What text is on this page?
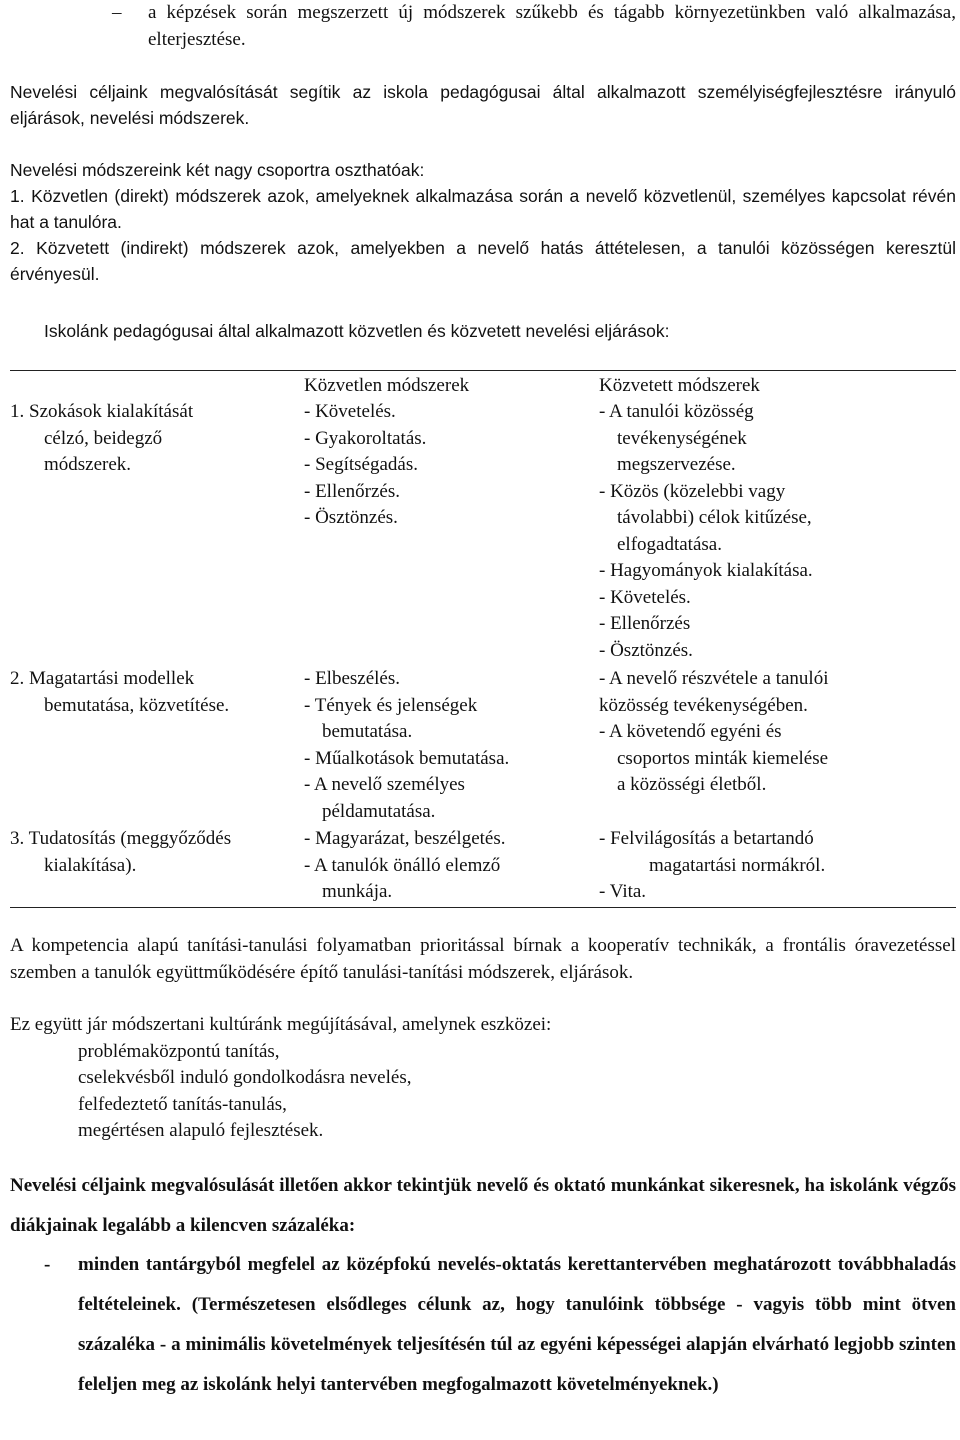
– a képzések során megszerzett új módszerek szűkebb és tágabb környezetünkben való alkalmazása, elterjesztése.
Nevelési céljaink megvalósítását segítik az iskola pedagógusai által alkalmazott személyiségfejlesztésre irányuló eljárások, nevelési módszerek.

Nevelési módszereink két nagy csoportra oszthatóak:

1. Közvetlen (direkt) módszerek azok, amelyeknek alkalmazása során a nevelő közvetlenül, személyes kapcsolat révén hat a tanulóra.
2. Közvetett (indirekt) módszerek azok, amelyekben a nevelő hatás áttételesen, a tanulói közösségen keresztül érvényesül.
Iskolánk pedagógusai által alkalmazott közvetlen és közvetett nevelési eljárások:
Közvetlen módszerek	Közvetett módszerek
1. Szokások kialakítását
célzó, beidegző
módszerek.
- Követelés.
- Gyakoroltatás.
- Segítségadás.
- Ellenőrzés.
- Ösztönzés.
- A tanulói közösség
tevékenységének
megszervezése.
- Közös (közelebbi vagy
távolabbi) célok kitűzése,
elfogadtatása.
- Hagyományok kialakítása.
- Követelés.
- Ellenőrzés
- Ösztönzés.
2. Magatartási modellek
bemutatása, közvetítése.
- Elbeszélés.
- Tények és jelenségek
bemutatása.
- Műalkotások bemutatása.
- A nevelő személyes
példamutatása.
- A nevelő részvétele a tanulói
közösség tevékenységében.
- A követendő egyéni és
csoportos minták kiemelése
a közösségi életből.
3. Tudatosítás (meggyőződés
kialakítása).
- Magyarázat, beszélgetés.
- A tanulók önálló elemző
munkája.
- Felvilágosítás a betartandó
magatartási normákról.
- Vita.
A kompetencia alapú tanítási-tanulási folyamatban prioritással bírnak a kooperatív technikák, a frontális óravezetéssel szemben a tanulók együttműködésére építő tanulási-tanítási módszerek, eljárások.

Ez együtt jár módszertani kultúránk megújításával, amelynek eszközei:

problémaközpontú tanítás,

cselekvésből induló gondolkodásra nevelés,

felfedeztető tanítás-tanulás,

megértésen alapuló fejlesztések.

Nevelési céljaink megvalósulását illetően akkor tekintjük nevelő és oktató munkánkat sikeresnek, ha iskolánk végzős diákjainak legalább a kilencven százaléka:
- minden tantárgyból megfelel az középfokú nevelés-oktatás kerettantervében meghatározott továbbhaladás feltételeinek. (Természetesen elsődleges célunk az, hogy tanulóink többsége - vagyis több mint ötven százaléka - a minimális követelmények teljesítésén túl az egyéni képességei alapján elvárható legjobb szinten feleljen meg az iskolánk helyi tantervében megfogalmazott követelményeknek.)
